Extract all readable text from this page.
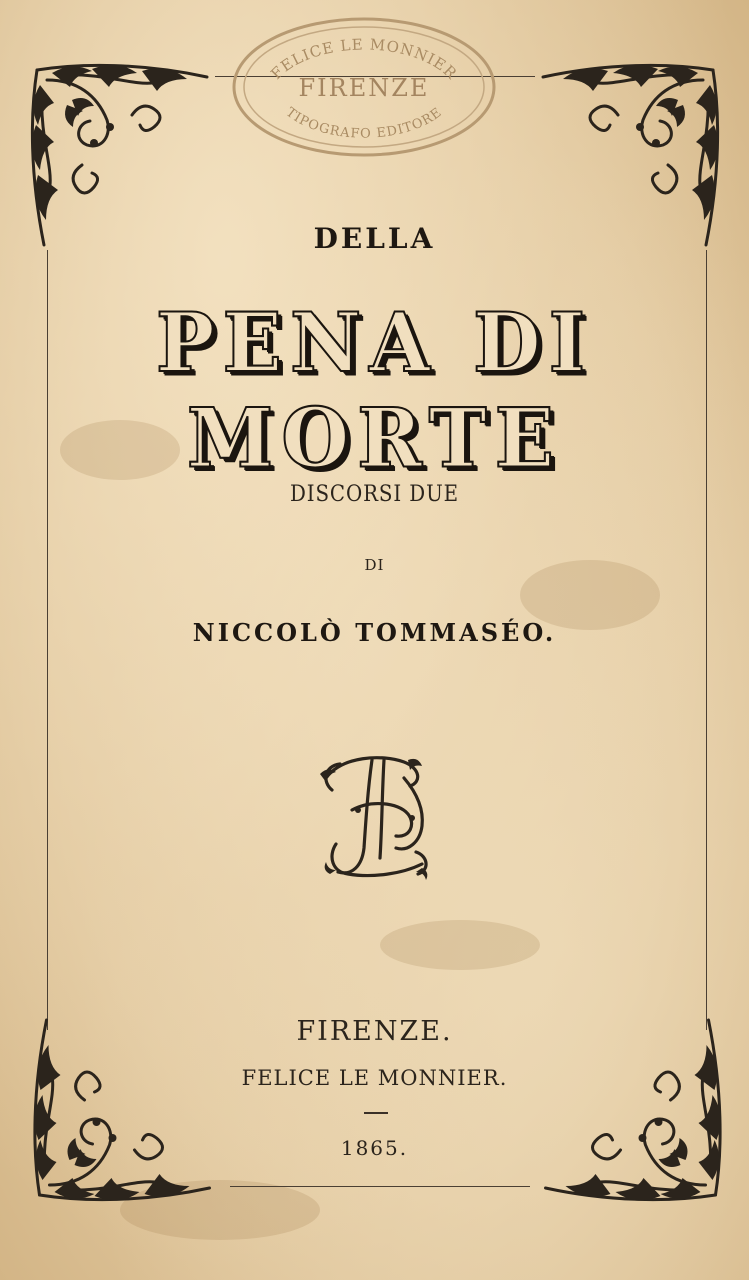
FELICE LE MONNIER
FIRENZE
TIPOGRAFO EDITORE
DELLA
PENA DI MORTE
DISCORSI DUE
DI
NICCOLÒ TOMMASÉO.
FIRENZE.
FELICE LE MONNIER.
1865.
